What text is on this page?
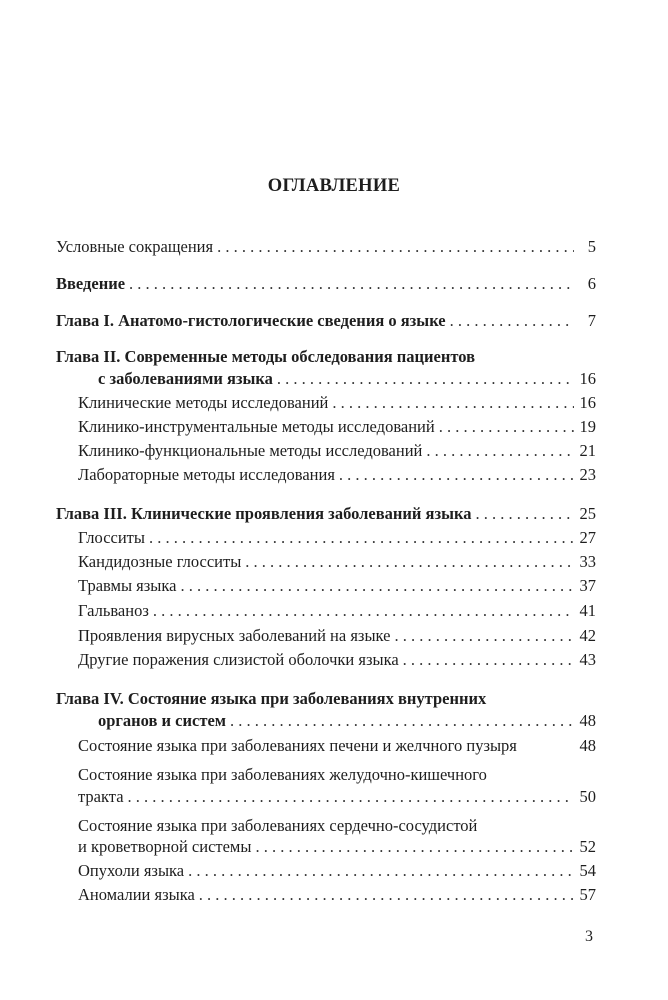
ОГЛАВЛЕНИЕ
Условные сокращения . . .	5
Введение . . .	6
Глава I. Анатомо-гистологические сведения о языке . . .	7
Глава II. Современные методы обследования пациентов
с заболеваниями языка . . .	16
Клинические методы исследований . . .	16
Клинико-инструментальные методы исследований . . .	19
Клинико-функциональные методы исследований . . .	21
Лабораторные методы исследования . . .	23
Глава III. Клинические проявления заболеваний языка . . .	25
Глосситы . . .	27
Кандидозные глосситы . . .	33
Травмы языка . . .	37
Гальваноз . . .	41
Проявления вирусных заболеваний на языке . . .	42
Другие поражения слизистой оболочки языка . . .	43
Глава IV. Состояние языка при заболеваниях внутренних
органов и систем . . .	48
Состояние языка при заболеваниях печени и желчного пузыря	48
Состояние языка при заболеваниях желудочно-кишечного
тракта . . .	50
Состояние языка при заболеваниях сердечно-сосудистой
и кроветворной системы . . .	52
Опухоли языка . . .	54
Аномалии языка . . .	57
3
